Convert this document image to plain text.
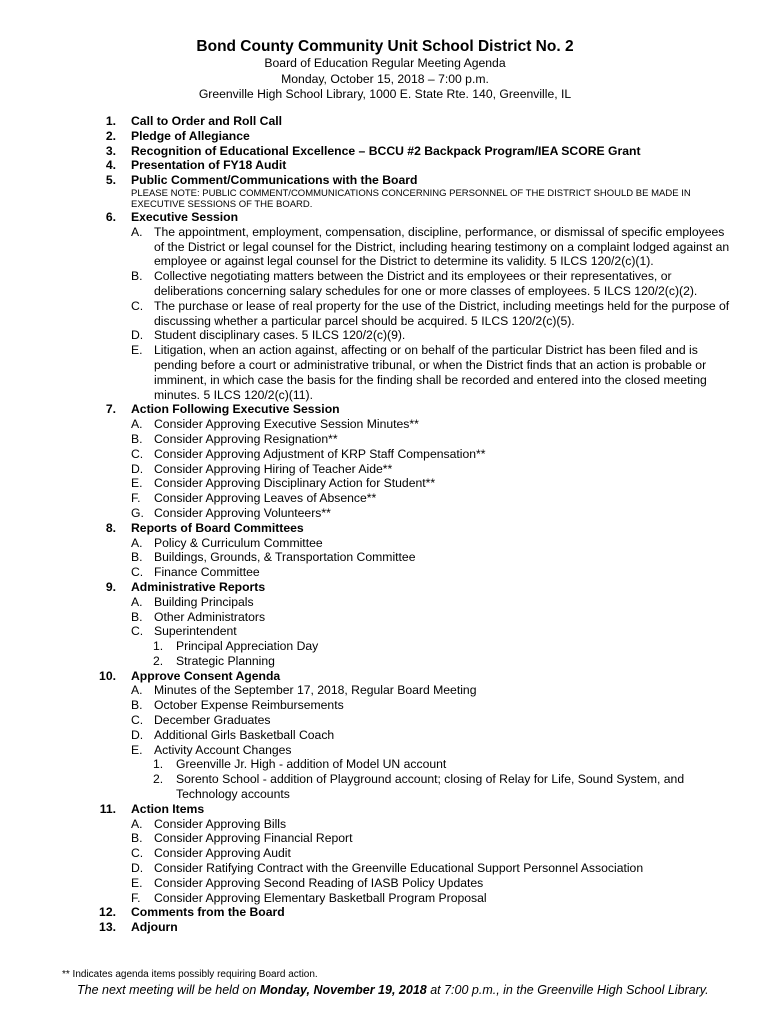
Bond County Community Unit School District No. 2
Board of Education Regular Meeting Agenda
Monday, October 15, 2018 – 7:00 p.m.
Greenville High School Library, 1000 E. State Rte. 140, Greenville, IL
1. Call to Order and Roll Call
2. Pledge of Allegiance
3. Recognition of Educational Excellence – BCCU #2 Backpack Program/IEA SCORE Grant
4. Presentation of FY18 Audit
5. Public Comment/Communications with the Board
PLEASE NOTE: PUBLIC COMMENT/COMMUNICATIONS CONCERNING PERSONNEL OF THE DISTRICT SHOULD BE MADE IN EXECUTIVE SESSIONS OF THE BOARD.
6. Executive Session
A. The appointment, employment, compensation, discipline, performance, or dismissal of specific employees of the District or legal counsel for the District, including hearing testimony on a complaint lodged against an employee or against legal counsel for the District to determine its validity. 5 ILCS 120/2(c)(1).
B. Collective negotiating matters between the District and its employees or their representatives, or deliberations concerning salary schedules for one or more classes of employees. 5 ILCS 120/2(c)(2).
C. The purchase or lease of real property for the use of the District, including meetings held for the purpose of discussing whether a particular parcel should be acquired. 5 ILCS 120/2(c)(5).
D. Student disciplinary cases. 5 ILCS 120/2(c)(9).
E. Litigation, when an action against, affecting or on behalf of the particular District has been filed and is pending before a court or administrative tribunal, or when the District finds that an action is probable or imminent, in which case the basis for the finding shall be recorded and entered into the closed meeting minutes. 5 ILCS 120/2(c)(11).
7. Action Following Executive Session
A. Consider Approving Executive Session Minutes**
B. Consider Approving Resignation**
C. Consider Approving Adjustment of KRP Staff Compensation**
D. Consider Approving Hiring of Teacher Aide**
E. Consider Approving Disciplinary Action for Student**
F. Consider Approving Leaves of Absence**
G. Consider Approving Volunteers**
8. Reports of Board Committees
A. Policy & Curriculum Committee
B. Buildings, Grounds, & Transportation Committee
C. Finance Committee
9. Administrative Reports
A. Building Principals
B. Other Administrators
C. Superintendent
1. Principal Appreciation Day
2. Strategic Planning
10. Approve Consent Agenda
A. Minutes of the September 17, 2018, Regular Board Meeting
B. October Expense Reimbursements
C. December Graduates
D. Additional Girls Basketball Coach
E. Activity Account Changes
1. Greenville Jr. High - addition of Model UN account
2. Sorento School - addition of Playground account; closing of Relay for Life, Sound System, and Technology accounts
11. Action Items
A. Consider Approving Bills
B. Consider Approving Financial Report
C. Consider Approving Audit
D. Consider Ratifying Contract with the Greenville Educational Support Personnel Association
E. Consider Approving Second Reading of IASB Policy Updates
F. Consider Approving Elementary Basketball Program Proposal
12. Comments from the Board
13. Adjourn
** Indicates agenda items possibly requiring Board action.
The next meeting will be held on Monday, November 19, 2018 at 7:00 p.m., in the Greenville High School Library.
